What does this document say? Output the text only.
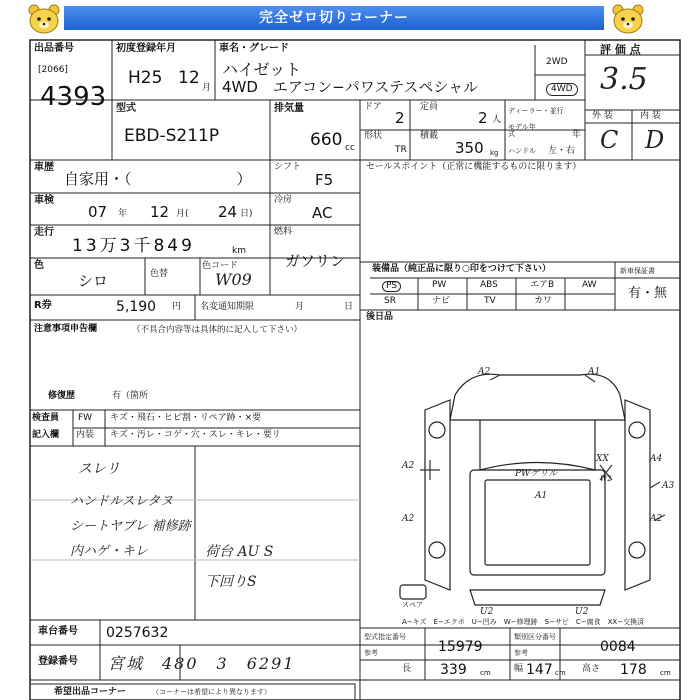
完全ゼロ切りコーナー
出品番号
[2066]
4393
初度登録年月
H25 12 月
車名・グレード
ハイゼット
4WD　エアコン−パワステスペシャル
2WD
4WD
評 価 点
3.5
外 装	内 装
C D
型式
EBD-S211P
排気量
660 cc
ドア
2
定員
2 人
ディーラー・並行
モデル年式	年
形状
TR
積載
350 kg ハンドル 左・右
車歴
自家用・（　　　　　　　）
シフト
F5
セールスポイント（正常に機能するものに限ります）
車検
07 年 12 月( 24 日)
冷房
AC
走行
13万3千849	km
燃料
ガソリン
色
シロ	色替
色コード
W09
装備品（純正品に限り○印をつけて下さい）	新車保証書
有・無
PS	PW	ABS	エアB	AW
SR	ナビ	TV	カワ
R券	5,190 円 名変通知期限	月	日
後日品
注意事項申告欄	（不具合内容等は具体的に記入して下さい）
修復歴	有（箇所
検査員
記入欄
FW キズ・飛石・ヒビ割・リペア跡・×要
内装 キズ・汚レ・コゲ・穴・スレ・キレ・要リ
スレリ
ハンドルスレタヌ
シートヤブレ 補修跡
内ハゲ・キレ	荷台 AU S
下回りS
A2	A1
A2
XX	A4
A2	A2
A3
A1
U2	U2
W2
PWゲリル
スペア
A−キズ　E−エクボ　U−凹み　W−修理跡　S−サビ　C−腐食　XX−交換済
車台番号 0257632
登録番号 宮城　480　3　6291
型式指定番号
参考	15979
類別区分番号
参考	0084
長 339 cm	幅 147 cm 高さ 178 cm
希望出品コーナー	（コーナーは希望により異なります）
